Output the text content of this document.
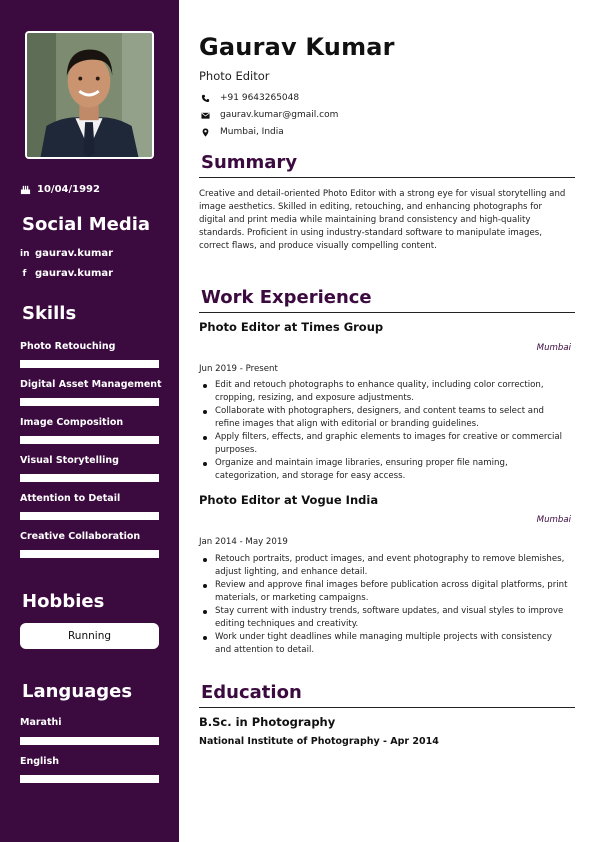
10/04/1992
Social Media
in gaurav.kumar
f gaurav.kumar
Skills
Photo Retouching
Digital Asset Management
Image Composition
Visual Storytelling
Attention to Detail
Creative Collaboration
Hobbies
Running
Languages
Marathi
English
Gaurav Kumar
Photo Editor
+91 9643265048
gaurav.kumar@gmail.com
Mumbai, India
Summary
Creative and detail-oriented Photo Editor with a strong eye for visual storytelling and image aesthetics. Skilled in editing, retouching, and enhancing photographs for digital and print media while maintaining brand consistency and high-quality standards. Proficient in using industry-standard software to manipulate images, correct flaws, and produce visually compelling content.
Work Experience
Photo Editor at Times Group
Mumbai
Jun 2019 - Present
Edit and retouch photographs to enhance quality, including color correction, cropping, resizing, and exposure adjustments.
Collaborate with photographers, designers, and content teams to select and refine images that align with editorial or branding guidelines.
Apply filters, effects, and graphic elements to images for creative or commercial purposes.
Organize and maintain image libraries, ensuring proper file naming, categorization, and storage for easy access.
Photo Editor at Vogue India
Mumbai
Jan 2014 - May 2019
Retouch portraits, product images, and event photography to remove blemishes, adjust lighting, and enhance detail.
Review and approve final images before publication across digital platforms, print materials, or marketing campaigns.
Stay current with industry trends, software updates, and visual styles to improve editing techniques and creativity.
Work under tight deadlines while managing multiple projects with consistency and attention to detail.
Education
B.Sc. in Photography
National Institute of Photography - Apr 2014
